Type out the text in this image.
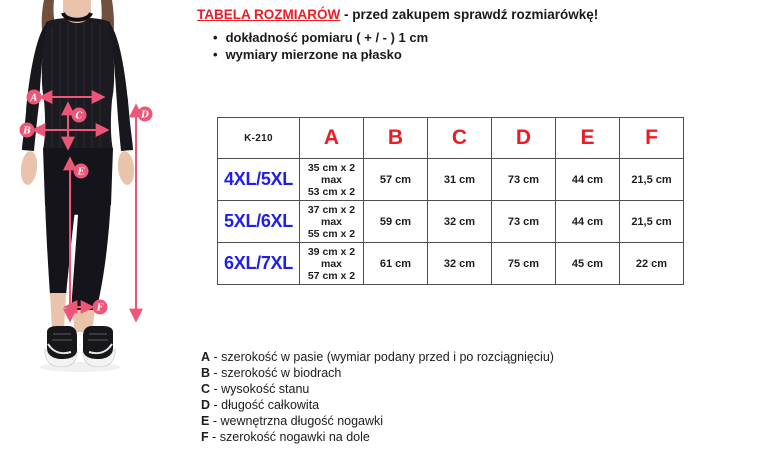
A
B
C	D
E
F
TABELA ROZMIARÓW - przed zakupem sprawdź rozmiarówkę!
• dokładność pomiaru ( + / - ) 1 cm
• wymiary mierzone na płasko
K-210	A	B	C	D	E	F
4XL/5XL	35 cm x 2
max
53 cm x 2	57 cm	31 cm	73 cm	44 cm	21,5 cm
5XL/6XL	37 cm x 2
max
55 cm x 2	59 cm	32 cm	73 cm	44 cm	21,5 cm
6XL/7XL	39 cm x 2
max
57 cm x 2	61 cm	32 cm	75 cm	45 cm	22 cm
A - szerokość w pasie (wymiar podany przed i po rozciągnięciu)
B - szerokość w biodrach
C - wysokość stanu
D - długość całkowita
E - wewnętrzna długość nogawki
F - szerokość nogawki na dole
